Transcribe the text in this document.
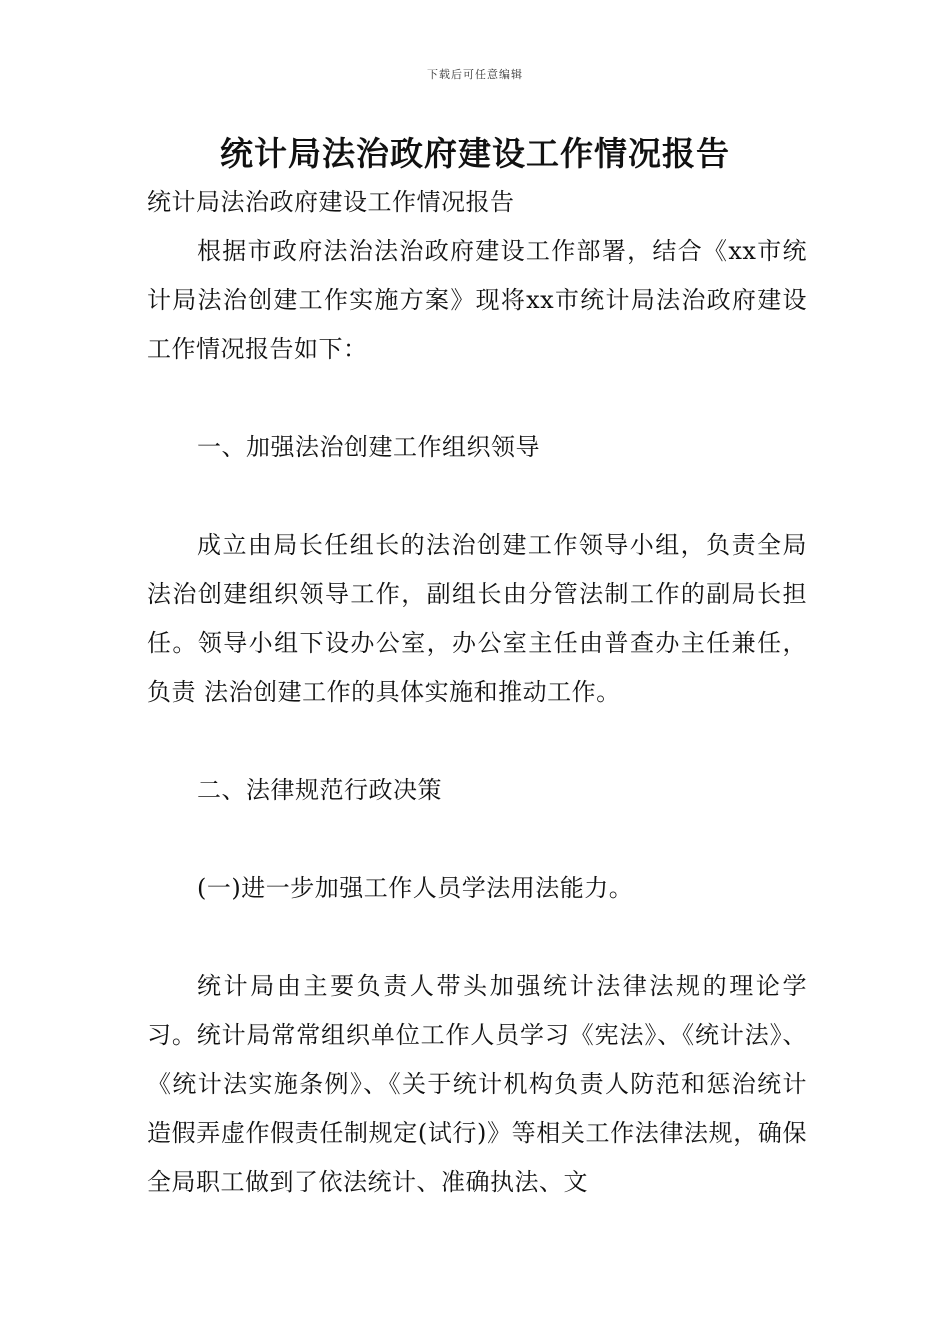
下载后可任意编辑
统计局法治政府建设工作情况报告

统计局法治政府建设工作情况报告

根据市政府法治法治政府建设工作部署，结合《xx市统计局法治创建工作实施方案》现将xx市统计局法治政府建设工作情况报告如下：

一、加强法治创建工作组织领导

成立由局长任组长的法治创建工作领导小组，负责全局法治创建组织领导工作，副组长由分管法制工作的副局长担任。领导小组下设办公室，办公室主任由普查办主任兼任，负责 法治创建工作的具体实施和推动工作。

二、法律规范行政决策

(一)进一步加强工作人员学法用法能力。

统计局由主要负责人带头加强统计法律法规的理论学习。统计局常常组织单位工作人员学习《宪法》、《统计法》、《统计法实施条例》、《关于统计机构负责人防范和惩治统计造假弄虚作假责任制规定(试行)》等相关工作法律法规，确保全局职工做到了依法统计、准确执法、文
